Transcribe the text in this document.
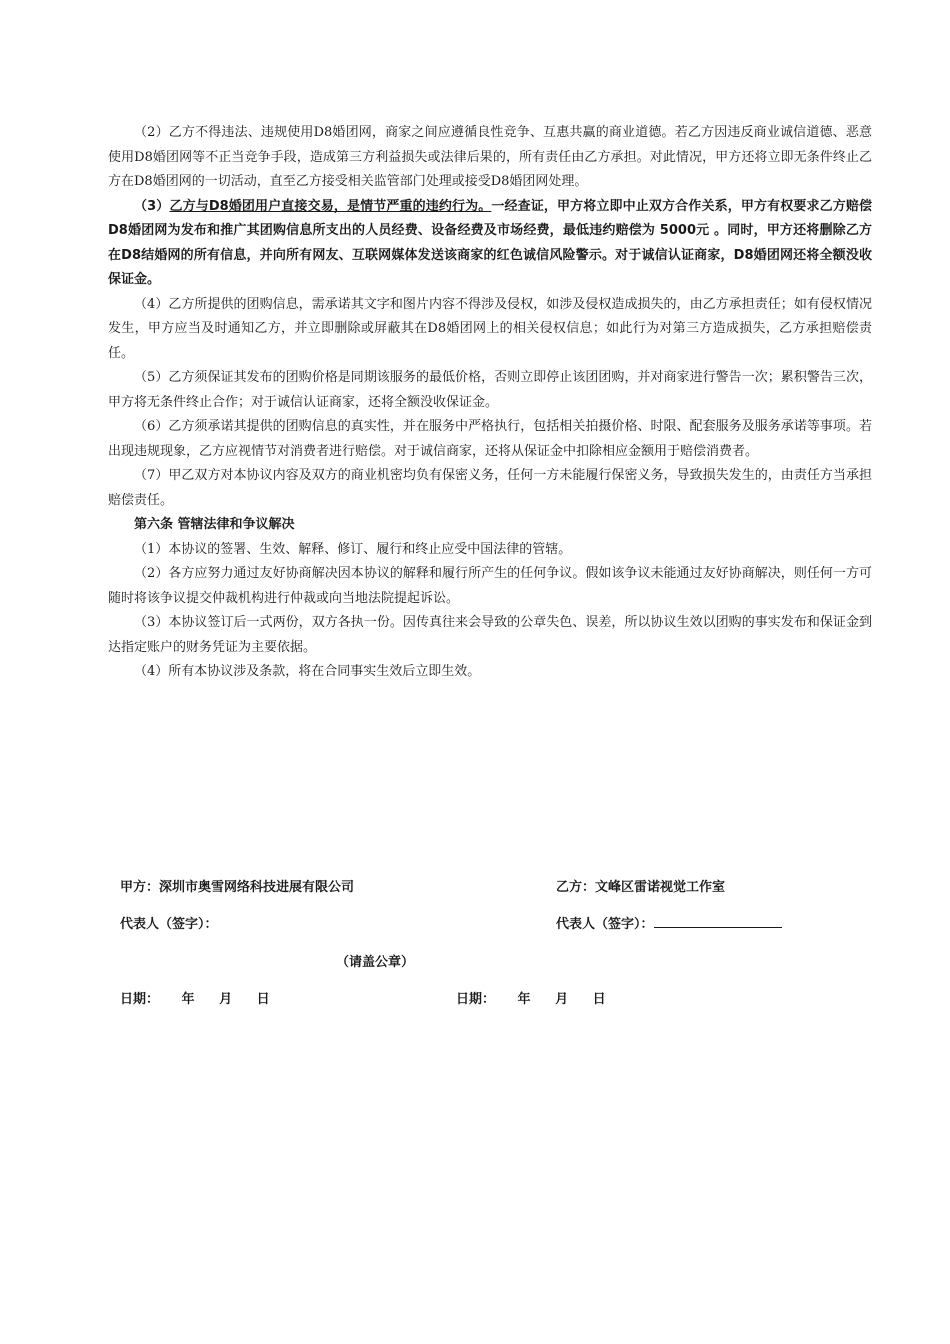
（2）乙方不得违法、违规使用D8婚团网，商家之间应遵循良性竞争、互惠共赢的商业道德。若乙方因违反商业诚信道德、恶意使用D8婚团网等不正当竞争手段，造成第三方利益损失或法律后果的，所有责任由乙方承担。对此情况，甲方还将立即无条件终止乙方在D8婚团网的一切活动，直至乙方接受相关监管部门处理或接受D8婚团网处理。

（3）乙方与D8婚团用户直接交易，是情节严重的违约行为。一经查证，甲方将立即中止双方合作关系，甲方有权要求乙方赔偿D8婚团网为发布和推广其团购信息所支出的人员经费、设备经费及市场经费，最低违约赔偿为 5000元 。同时，甲方还将删除乙方在D8结婚网的所有信息，并向所有网友、互联网媒体发送该商家的红色诚信风险警示。对于诚信认证商家，D8婚团网还将全额没收保证金。

（4）乙方所提供的团购信息，需承诺其文字和图片内容不得涉及侵权，如涉及侵权造成损失的，由乙方承担责任；如有侵权情况发生，甲方应当及时通知乙方，并立即删除或屏蔽其在D8婚团网上的相关侵权信息；如此行为对第三方造成损失，乙方承担赔偿责任。

（5）乙方须保证其发布的团购价格是同期该服务的最低价格，否则立即停止该团团购，并对商家进行警告一次；累积警告三次，甲方将无条件终止合作；对于诚信认证商家，还将全额没收保证金。

（6）乙方须承诺其提供的团购信息的真实性，并在服务中严格执行，包括相关拍摄价格、时限、配套服务及服务承诺等事项。若出现违规现象，乙方应视情节对消费者进行赔偿。对于诚信商家，还将从保证金中扣除相应金额用于赔偿消费者。

（7）甲乙双方对本协议内容及双方的商业机密均负有保密义务，任何一方未能履行保密义务，导致损失发生的，由责任方当承担赔偿责任。

第六条 管辖法律和争议解决

（1）本协议的签署、生效、解释、修订、履行和终止应受中国法律的管辖。

（2）各方应努力通过友好协商解决因本协议的解释和履行所产生的任何争议。假如该争议未能通过友好协商解决，则任何一方可随时将该争议提交仲裁机构进行仲裁或向当地法院提起诉讼。

（3）本协议签订后一式两份，双方各执一份。因传真往来会导致的公章失色、误差，所以协议生效以团购的事实发布和保证金到达指定账户的财务凭证为主要依据。

（4）所有本协议涉及条款，将在合同事实生效后立即生效。

甲方：深圳市奥雪网络科技进展有限公司	乙方：文峰区雷诺视觉工作室
代表人（签字）：	代表人（签字）：
（请盖公章）
日期： 年 月 日	日期： 年 月 日
